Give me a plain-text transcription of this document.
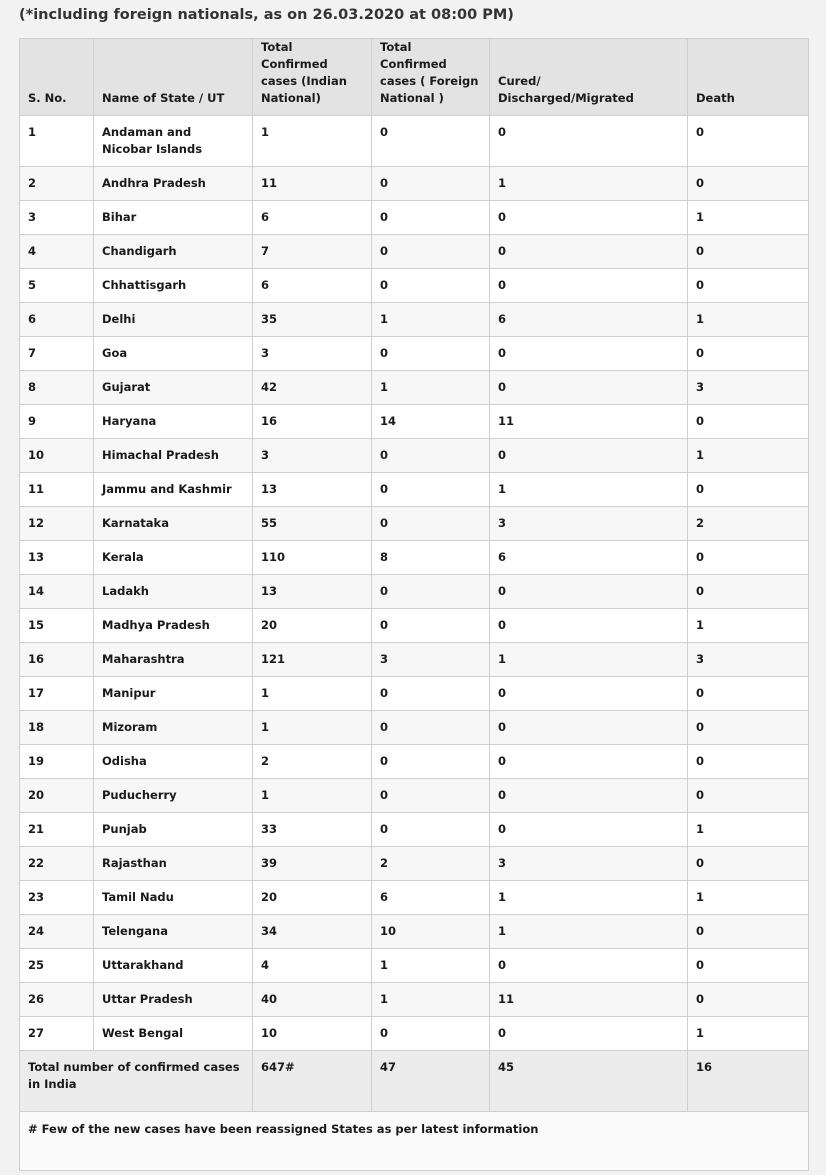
(*including foreign nationals, as on 26.03.2020 at 08:00 PM)
S. No.	Name of State / UT	Total Confirmed cases (Indian National)	Total Confirmed cases ( Foreign National )	Cured/ Discharged/Migrated	Death
1	Andaman and Nicobar Islands	1	0	0	0
2	Andhra Pradesh	11	0	1	0
3	Bihar	6	0	0	1
4	Chandigarh	7	0	0	0
5	Chhattisgarh	6	0	0	0
6	Delhi	35	1	6	1
7	Goa	3	0	0	0
8	Gujarat	42	1	0	3
9	Haryana	16	14	11	0
10	Himachal Pradesh	3	0	0	1
11	Jammu and Kashmir	13	0	1	0
12	Karnataka	55	0	3	2
13	Kerala	110	8	6	0
14	Ladakh	13	0	0	0
15	Madhya Pradesh	20	0	0	1
16	Maharashtra	121	3	1	3
17	Manipur	1	0	0	0
18	Mizoram	1	0	0	0
19	Odisha	2	0	0	0
20	Puducherry	1	0	0	0
21	Punjab	33	0	0	1
22	Rajasthan	39	2	3	0
23	Tamil Nadu	20	6	1	1
24	Telengana	34	10	1	0
25	Uttarakhand	4	1	0	0
26	Uttar Pradesh	40	1	11	0
27	West Bengal	10	0	0	1
Total number of confirmed cases in India		647#	47	45	16
# Few of the new cases have been reassigned States as per latest information					
